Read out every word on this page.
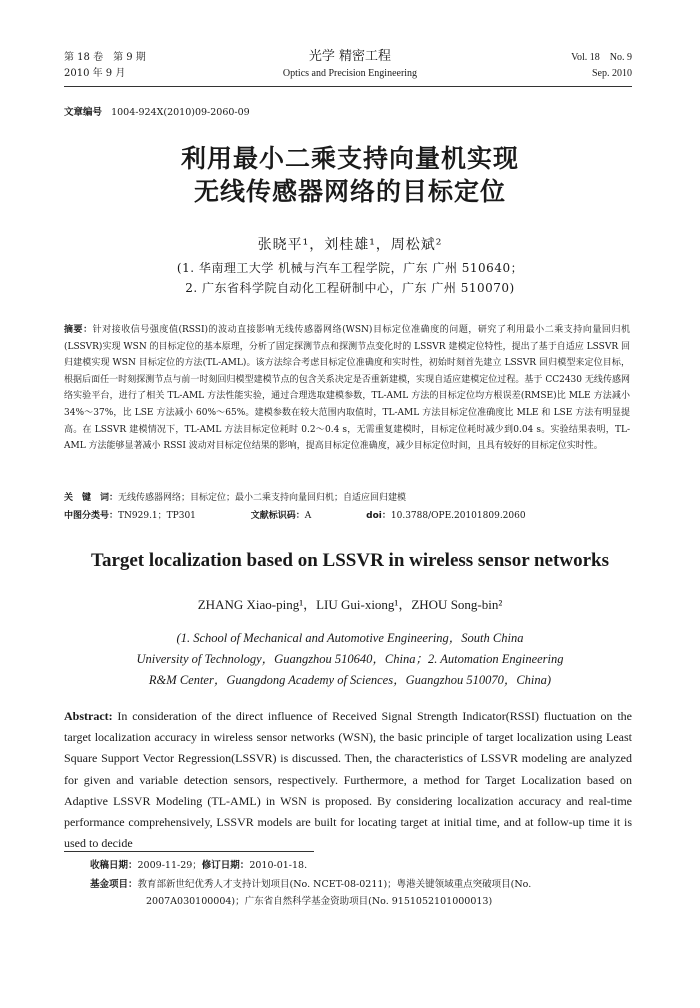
第 18 卷　第 9 期
2010 年 9 月
光学 精密工程
Optics and Precision Engineering
Vol. 18　No. 9
Sep. 2010
文章编号 1004-924X(2010)09-2060-09
利用最小二乘支持向量机实现
无线传感器网络的目标定位
张晓平¹，刘桂雄¹，周松斌²
(1. 华南理工大学 机械与汽车工程学院，广东 广州 510640；
2. 广东省科学院自动化工程研制中心，广东 广州 510070)
摘要：针对接收信号强度值(RSSI)的波动直接影响无线传感器网络(WSN)目标定位准确度的问题，研究了利用最小二乘支持向量回归机(LSSVR)实现 WSN 的目标定位的基本原理，分析了固定探测节点和探测节点变化时的 LSSVR 建模定位特性，提出了基于自适应 LSSVR 回归建模实现 WSN 目标定位的方法(TL-AML)。该方法综合考虑目标定位准确度和实时性，初始时刻首先建立 LSSVR 回归模型来定位目标，根据后面任一时刻探测节点与前一时刻回归模型建模节点的包含关系决定是否重新建模，实现自适应建模定位过程。基于 CC2430 无线传感网络实验平台，进行了相关 TL-AML 方法性能实验，通过合理选取建模参数，TL-AML 方法的目标定位均方根误差(RMSE)比 MLE 方法减小 34%～37%，比 LSE 方法减小 60%～65%。建模参数在较大范围内取值时，TL-AML 方法目标定位准确度比 MLE 和 LSE 方法有明显提高。在 LSSVR 建模情况下，TL-AML 方法目标定位耗时 0.2～0.4 s，无需重复建模时，目标定位耗时减少到0.04 s。实验结果表明，TL-AML 方法能够显著减小 RSSI 波动对目标定位结果的影响，提高目标定位准确度，减少目标定位时间，且具有较好的目标定位实时性。
关　键　词：无线传感器网络；目标定位；最小二乘支持向量回归机；自适应回归建模
中图分类号：TN929.1；TP301	文献标识码：A	doi：10.3788/OPE.20101809.2060
Target localization based on LSSVR in wireless sensor networks
ZHANG Xiao-ping¹，LIU Gui-xiong¹，ZHOU Song-bin²
(1. School of Mechanical and Automotive Engineering，South China
University of Technology，Guangzhou 510640，China；2. Automation Engineering
R&M Center，Guangdong Academy of Sciences，Guangzhou 510070，China)
Abstract: In consideration of the direct influence of Received Signal Strength Indicator(RSSI) fluctuation on the target localization accuracy in wireless sensor networks (WSN), the basic principle of target localization using Least Square Support Vector Regression(LSSVR) is discussed. Then, the characteristics of LSSVR modeling are analyzed for given and variable detection sensors, respectively. Furthermore, a method for Target Localization based on Adaptive LSSVR Modeling (TL-AML) in WSN is proposed. By considering localization accuracy and real-time performance comprehensively, LSSVR models are built for locating target at initial time, and at follow-up time it is used to decide
收稿日期：2009-11-29；修订日期：2010-01-18.
基金项目：教育部新世纪优秀人才支持计划项目(No. NCET-08-0211)；粤港关键领域重点突破项目(No.
2007A030100004)；广东省自然科学基金资助项目(No. 9151052101000013)
